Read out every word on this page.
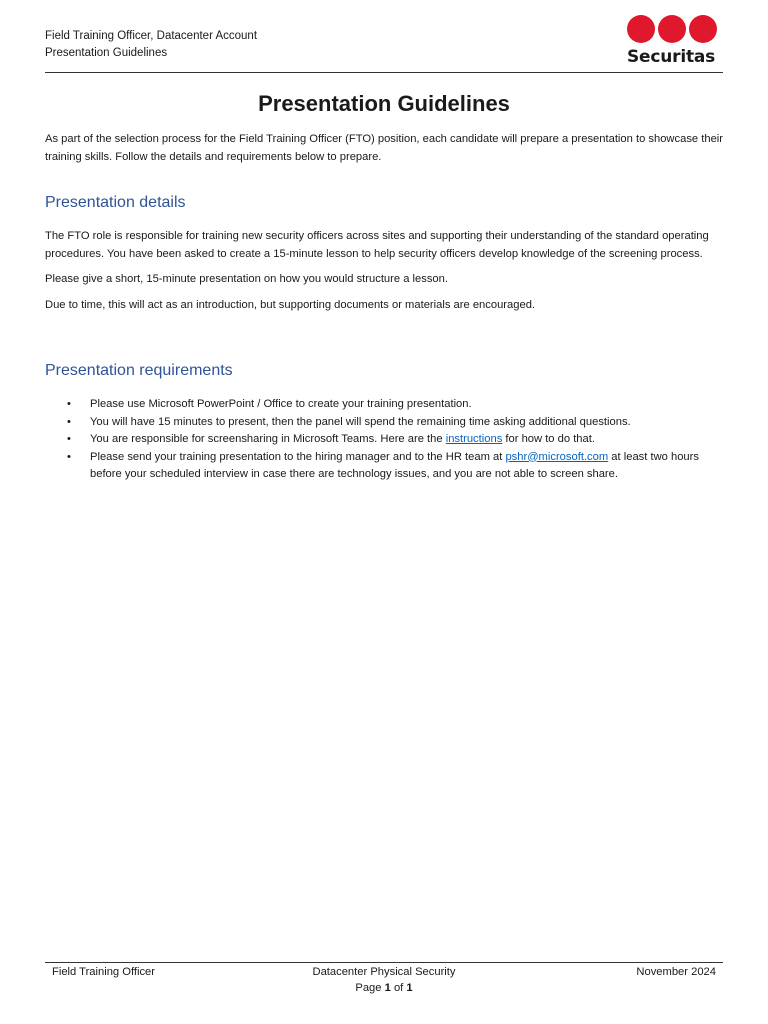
Field Training Officer, Datacenter Account
Presentation Guidelines	Securitas
Presentation Guidelines

As part of the selection process for the Field Training Officer (FTO) position, each candidate will prepare a presentation to showcase their training skills. Follow the details and requirements below to prepare.

Presentation details

The FTO role is responsible for training new security officers across sites and supporting their understanding of the standard operating procedures. You have been asked to create a 15-minute lesson to help security officers develop knowledge of the screening process.

Please give a short, 15-minute presentation on how you would structure a lesson.

Due to time, this will act as an introduction, but supporting documents or materials are encouraged.

Presentation requirements
• Please use Microsoft PowerPoint / Office to create your training presentation.
• You will have 15 minutes to present, then the panel will spend the remaining time asking additional questions.
• You are responsible for screensharing in Microsoft Teams. Here are the instructions for how to do that.
• Please send your training presentation to the hiring manager and to the HR team at pshr@microsoft.com at least two hours before your scheduled interview in case there are technology issues, and you are not able to screen share.
Field Training Officer	Datacenter Physical Security	November 2024
Page 1 of 1
